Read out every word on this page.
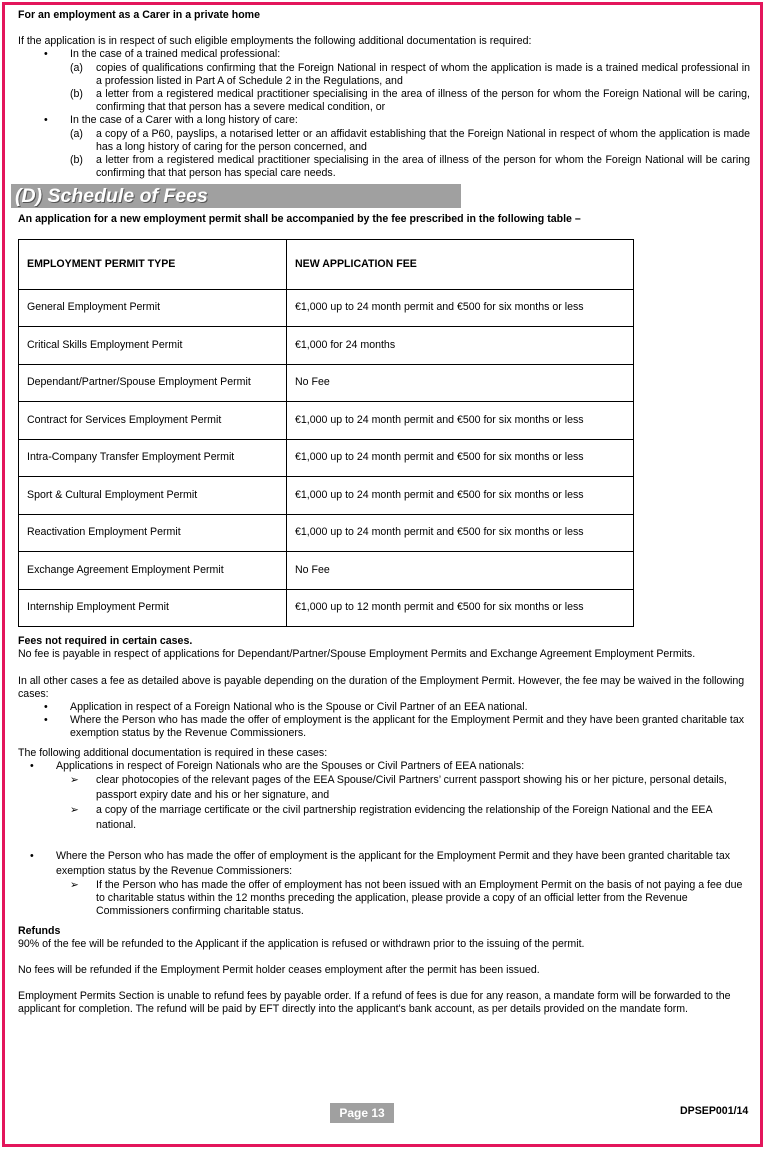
For an employment as a Carer in a private home
If the application is in respect of such eligible employments the following additional documentation is required:
• In the case of a trained medical professional:
(a) copies of qualifications confirming that the Foreign National in respect of whom the application is made is a trained medical professional in a profession listed in Part A of Schedule 2 in the Regulations, and
(b) a letter from a registered medical practitioner specialising in the area of illness of the person for whom the Foreign National will be caring, confirming that that person has a severe medical condition, or
• In the case of a Carer with a long history of care:
(a) a copy of a P60, payslips, a notarised letter or an affidavit establishing that the Foreign National in respect of whom the application is made has a long history of caring for the person concerned, and
(b) a letter from a registered medical practitioner specialising in the area of illness of the person for whom the Foreign National will be caring confirming that that person has special care needs.
(D) Schedule of Fees
An application for a new employment permit shall be accompanied by the fee prescribed in the following table –
EMPLOYMENT PERMIT TYPE	NEW APPLICATION FEE
General Employment Permit	€1,000 up to 24 month permit and €500 for six months or less
Critical Skills Employment Permit	€1,000 for 24 months
Dependant/Partner/Spouse Employment Permit	No Fee
Contract for Services Employment Permit	€1,000 up to 24 month permit and €500 for six months or less
Intra-Company Transfer Employment Permit	€1,000 up to 24 month permit and €500 for six months or less
Sport & Cultural Employment Permit	€1,000 up to 24 month permit and €500 for six months or less
Reactivation Employment Permit	€1,000 up to 24 month permit and €500 for six months or less
Exchange Agreement Employment Permit	No Fee
Internship Employment Permit	€1,000 up to 12 month permit and €500 for six months or less
Fees not required in certain cases.
No fee is payable in respect of applications for Dependant/Partner/Spouse Employment Permits and Exchange Agreement Employment Permits.
In all other cases a fee as detailed above is payable depending on the duration of the Employment Permit. However, the fee may be waived in the following cases:
• Application in respect of a Foreign National who is the Spouse or Civil Partner of an EEA national.
• Where the Person who has made the offer of employment is the applicant for the Employment Permit and they have been granted charitable tax exemption status by the Revenue Commissioners.
The following additional documentation is required in these cases:
• Applications in respect of Foreign Nationals who are the Spouses or Civil Partners of EEA nationals:
➢ clear photocopies of the relevant pages of the EEA Spouse/Civil Partners’ current passport showing his or her picture, personal details, passport expiry date and his or her signature, and
➢ a copy of the marriage certificate or the civil partnership registration evidencing the relationship of the Foreign National and the EEA national.
• Where the Person who has made the offer of employment is the applicant for the Employment Permit and they have been granted charitable tax exemption status by the Revenue Commissioners:
➢ If the Person who has made the offer of employment has not been issued with an Employment Permit on the basis of not paying a fee due to charitable status within the 12 months preceding the application, please provide a copy of an official letter from the Revenue Commissioners confirming charitable status.
Refunds
90% of the fee will be refunded to the Applicant if the application is refused or withdrawn prior to the issuing of the permit.
No fees will be refunded if the Employment Permit holder ceases employment after the permit has been issued.
Employment Permits Section is unable to refund fees by payable order. If a refund of fees is due for any reason, a mandate form will be forwarded to the applicant for completion. The refund will be paid by EFT directly into the applicant's bank account, as per details provided on the mandate form.
Page 13	DPSEP001/14
